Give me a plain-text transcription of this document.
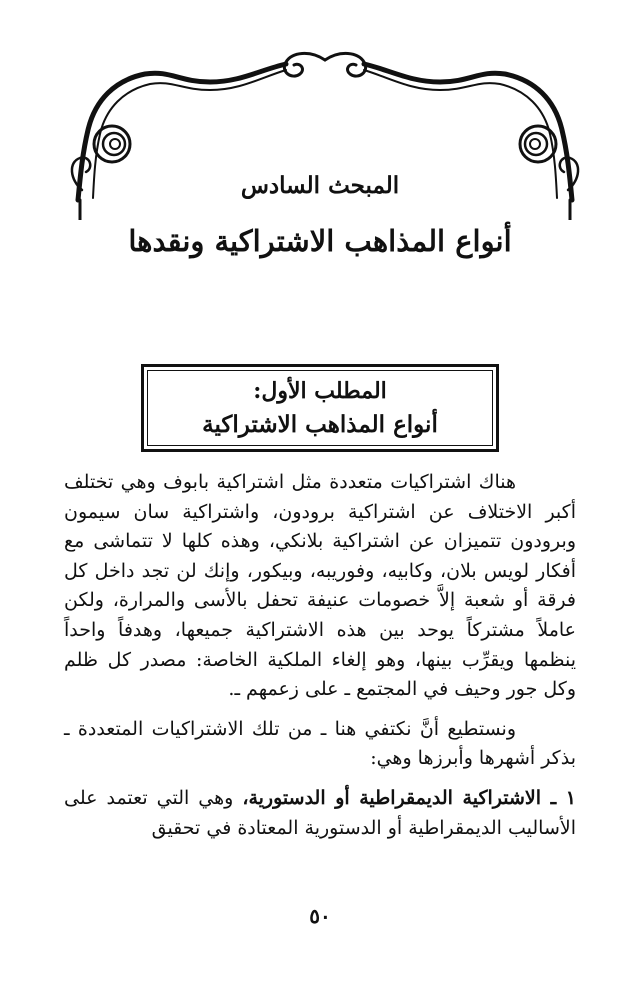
المبحث السادس
أنواع المذاهب الاشتراكية ونقدها
المطلب الأول:
أنواع المذاهب الاشتراكية

هناك اشتراكيات متعددة مثل اشتراكية بابوف وهي تختلف أكبر الاختلاف عن اشتراكية برودون، واشتراكية سان سيمون وبرودون تتميزان عن اشتراكية بلانكي، وهذه كلها لا تتماشى مع أفكار لويس بلان، وكابيه، وفوريبه، وبيكور، وإنك لن تجد داخل كل فرقة أو شعبة إلاَّ خصومات عنيفة تحفل بالأسى والمرارة، ولكن عاملاً مشتركاً يوحد بين هذه الاشتراكية جميعها، وهدفاً واحداً ينظمها ويقرِّب بينها، وهو إلغاء الملكية الخاصة: مصدر كل ظلم وكل جور وحيف في المجتمع ـ على زعمهم ـ.

ونستطيع أنَّ نكتفي هنا ـ من تلك الاشتراكيات المتعددة ـ بذكر أشهرها وأبرزها وهي:

١ ـ الاشتراكية الديمقراطية أو الدستورية، وهي التي تعتمد على الأساليب الديمقراطية أو الدستورية المعتادة في تحقيق

٥٠
